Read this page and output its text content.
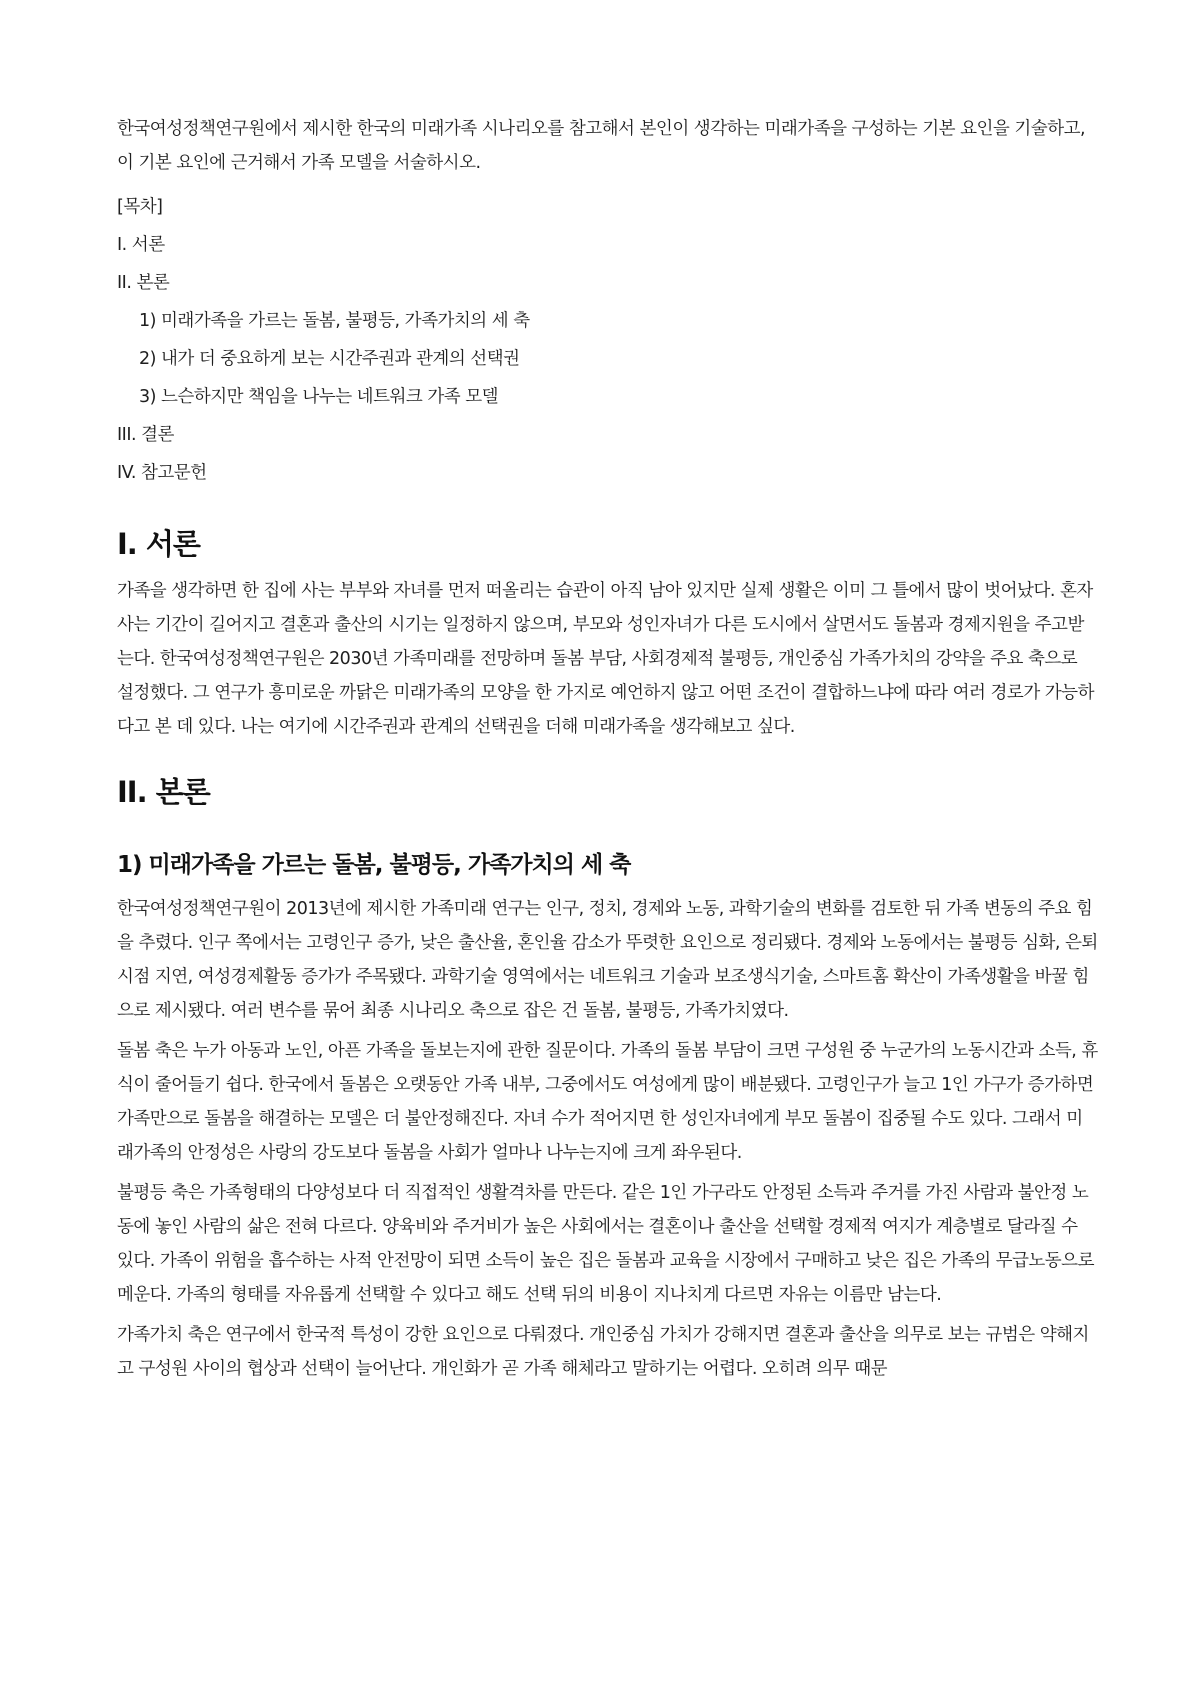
한국여성정책연구원에서 제시한 한국의 미래가족 시나리오를 참고해서 본인이 생각하는 미래가족을 구성하는 기본 요인을 기술하고, 이 기본 요인에 근거해서 가족 모델을 서술하시오.

[목차]
I. 서론
II. 본론
1) 미래가족을 가르는 돌봄, 불평등, 가족가치의 세 축
2) 내가 더 중요하게 보는 시간주권과 관계의 선택권
3) 느슨하지만 책임을 나누는 네트워크 가족 모델
III. 결론
IV. 참고문헌
I. 서론

가족을 생각하면 한 집에 사는 부부와 자녀를 먼저 떠올리는 습관이 아직 남아 있지만 실제 생활은 이미 그 틀에서 많이 벗어났다. 혼자 사는 기간이 길어지고 결혼과 출산의 시기는 일정하지 않으며, 부모와 성인자녀가 다른 도시에서 살면서도 돌봄과 경제지원을 주고받는다. 한국여성정책연구원은 2030년 가족미래를 전망하며 돌봄 부담, 사회경제적 불평등, 개인중심 가족가치의 강약을 주요 축으로 설정했다. 그 연구가 흥미로운 까닭은 미래가족의 모양을 한 가지로 예언하지 않고 어떤 조건이 결합하느냐에 따라 여러 경로가 가능하다고 본 데 있다. 나는 여기에 시간주권과 관계의 선택권을 더해 미래가족을 생각해보고 싶다.

II. 본론
1) 미래가족을 가르는 돌봄, 불평등, 가족가치의 세 축

한국여성정책연구원이 2013년에 제시한 가족미래 연구는 인구, 정치, 경제와 노동, 과학기술의 변화를 검토한 뒤 가족 변동의 주요 힘을 추렸다. 인구 쪽에서는 고령인구 증가, 낮은 출산율, 혼인율 감소가 뚜렷한 요인으로 정리됐다. 경제와 노동에서는 불평등 심화, 은퇴시점 지연, 여성경제활동 증가가 주목됐다. 과학기술 영역에서는 네트워크 기술과 보조생식기술, 스마트홈 확산이 가족생활을 바꿀 힘으로 제시됐다. 여러 변수를 묶어 최종 시나리오 축으로 잡은 건 돌봄, 불평등, 가족가치였다.

돌봄 축은 누가 아동과 노인, 아픈 가족을 돌보는지에 관한 질문이다. 가족의 돌봄 부담이 크면 구성원 중 누군가의 노동시간과 소득, 휴식이 줄어들기 쉽다. 한국에서 돌봄은 오랫동안 가족 내부, 그중에서도 여성에게 많이 배분됐다. 고령인구가 늘고 1인 가구가 증가하면 가족만으로 돌봄을 해결하는 모델은 더 불안정해진다. 자녀 수가 적어지면 한 성인자녀에게 부모 돌봄이 집중될 수도 있다. 그래서 미래가족의 안정성은 사랑의 강도보다 돌봄을 사회가 얼마나 나누는지에 크게 좌우된다.

불평등 축은 가족형태의 다양성보다 더 직접적인 생활격차를 만든다. 같은 1인 가구라도 안정된 소득과 주거를 가진 사람과 불안정 노동에 놓인 사람의 삶은 전혀 다르다. 양육비와 주거비가 높은 사회에서는 결혼이나 출산을 선택할 경제적 여지가 계층별로 달라질 수 있다. 가족이 위험을 흡수하는 사적 안전망이 되면 소득이 높은 집은 돌봄과 교육을 시장에서 구매하고 낮은 집은 가족의 무급노동으로 메운다. 가족의 형태를 자유롭게 선택할 수 있다고 해도 선택 뒤의 비용이 지나치게 다르면 자유는 이름만 남는다.

가족가치 축은 연구에서 한국적 특성이 강한 요인으로 다뤄졌다. 개인중심 가치가 강해지면 결혼과 출산을 의무로 보는 규범은 약해지고 구성원 사이의 협상과 선택이 늘어난다. 개인화가 곧 가족 해체라고 말하기는 어렵다. 오히려 의무 때문
